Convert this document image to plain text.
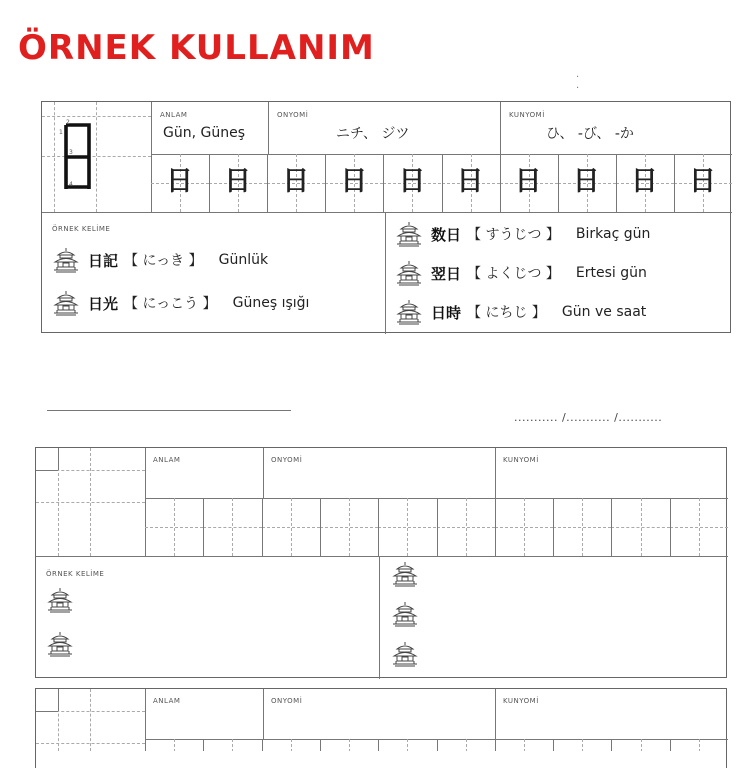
ÖRNEK KULLANIM
· ·
2
1
3
4
ANLAM
Gün, Güneş
ONYOMİ
ニチ、 ジツ
KUNYOMİ
ひ、 -び、 -か
日 日 日 日 日 日 日 日 日 日
ÖRNEK KELİME
日記 【 にっき 】 Günlük
日光 【 にっこう 】 Güneş ışığı
数日 【 すうじつ 】 Birkaç gün
翌日 【 よくじつ 】 Ertesi gün
日時 【 にちじ 】 Gün ve saat
........... /........... /...........
ANLAM	ONYOMİ	KUNYOMİ
ÖRNEK KELİME
ANLAM	ONYOMİ	KUNYOMİ
